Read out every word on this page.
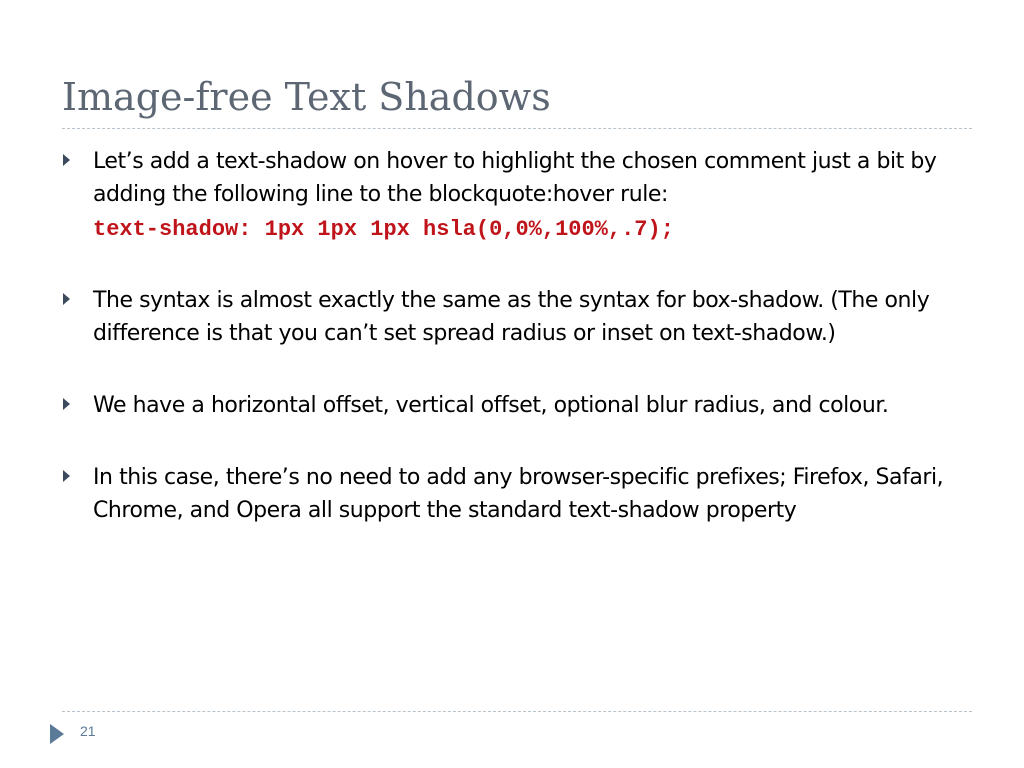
Image-free Text Shadows
Let’s add a text-shadow on hover to highlight the chosen comment just a bit by adding the following line to the blockquote:hover rule:
text-shadow: 1px 1px 1px hsla(0,0%,100%,.7);
The syntax is almost exactly the same as the syntax for box-shadow. (The only difference is that you can’t set spread radius or inset on text-shadow.)
We have a horizontal offset, vertical offset, optional blur radius, and colour.
In this case, there’s no need to add any browser-specific prefixes; Firefox, Safari, Chrome, and Opera all support the standard text-shadow property
21
